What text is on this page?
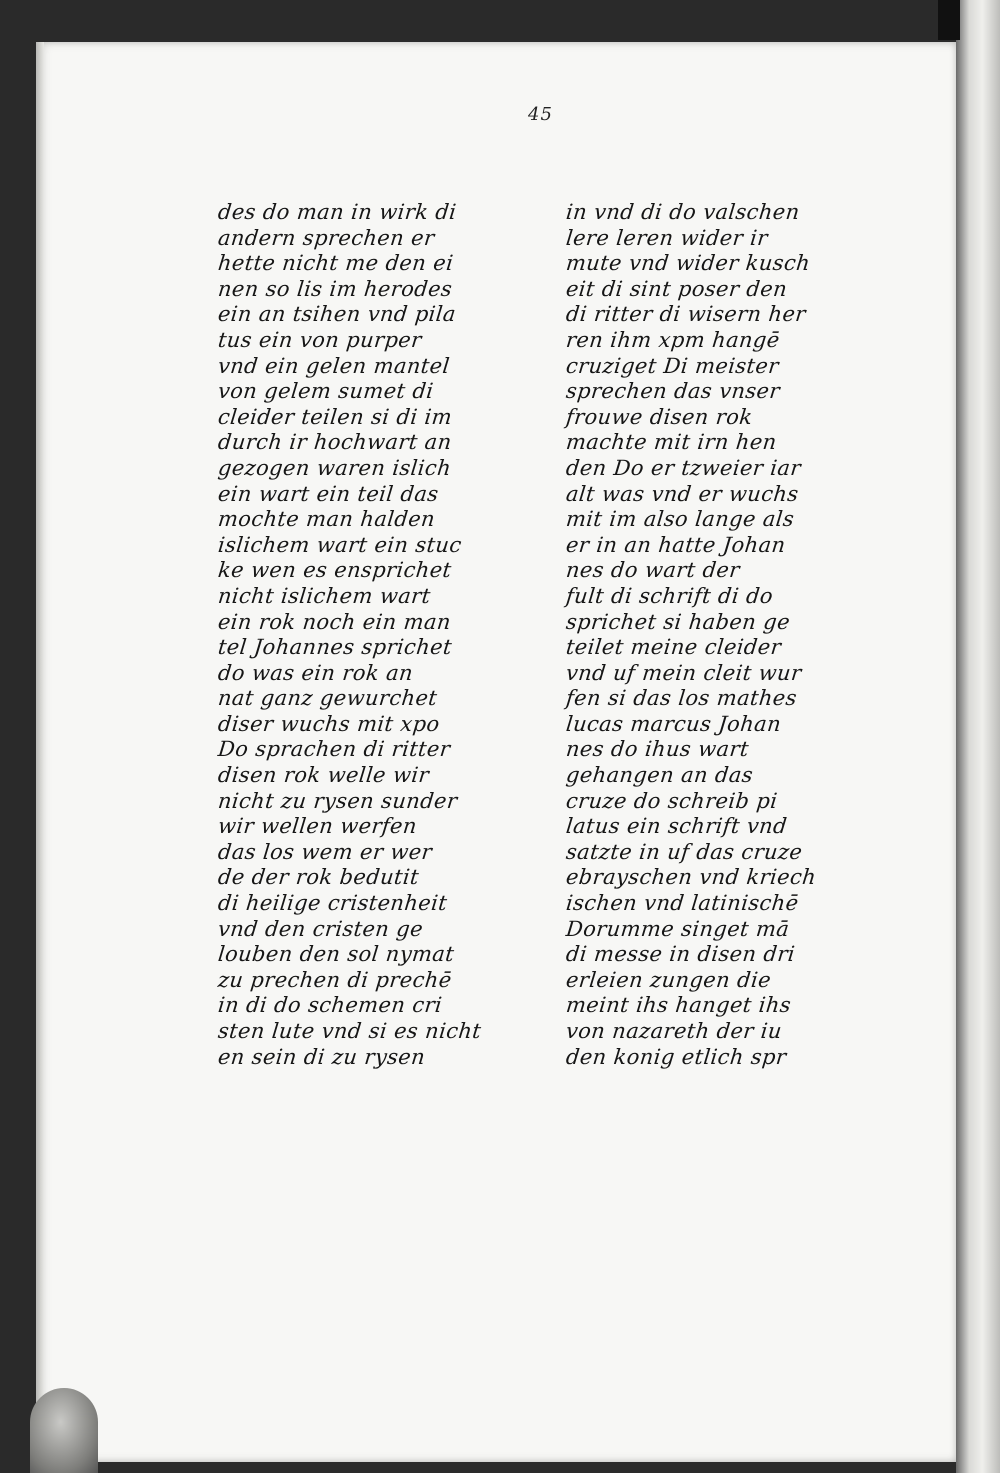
45
des do man in wirk di
andern sprechen er
hette nicht me den ei
nen so lis im herodes
ein an tsihen vnd pila
tus ein von purper
vnd ein gelen mantel
von gelem sumet di
cleider teilen si di im
durch ir hochwart an
gezogen waren islich
ein wart ein teil das
mochte man halden
islichem wart ein stuc
ke wen es ensprichet
nicht islichem wart
ein rok noch ein man
tel Johannes sprichet
do was ein rok an
nat ganz gewurchet
diser wuchs mit xpo
Do sprachen di ritter
disen rok welle wir
nicht zu rysen sunder
wir wellen werfen
das los wem er wer
de der rok bedutit
di heilige cristenheit
vnd den cristen ge
louben den sol nymat
zu prechen di prechē
in di do schemen cri
sten lute vnd si es nicht
en sein di zu rysen
in vnd di do valschen
lere leren wider ir
mute vnd wider kusch
eit di sint poser den
di ritter di wisern her
ren ihm xpm hangē
cruziget Di meister
sprechen das vnser
frouwe disen rok
machte mit irn hen
den Do er tzweier iar
alt was vnd er wuchs
mit im also lange als
er in an hatte Johan
nes do wart der
fult di schrift di do
sprichet si haben ge
teilet meine cleider
vnd uf mein cleit wur
fen si das los mathes
lucas marcus Johan
nes do ihus wart
gehangen an das
cruze do schreib pi
latus ein schrift vnd
satzte in uf das cruze
ebrayschen vnd kriech
ischen vnd latinischē
Dorumme singet mā
di messe in disen dri
erleien zungen die
meint ihs hanget ihs
von nazareth der iu
den konig etlich spr
